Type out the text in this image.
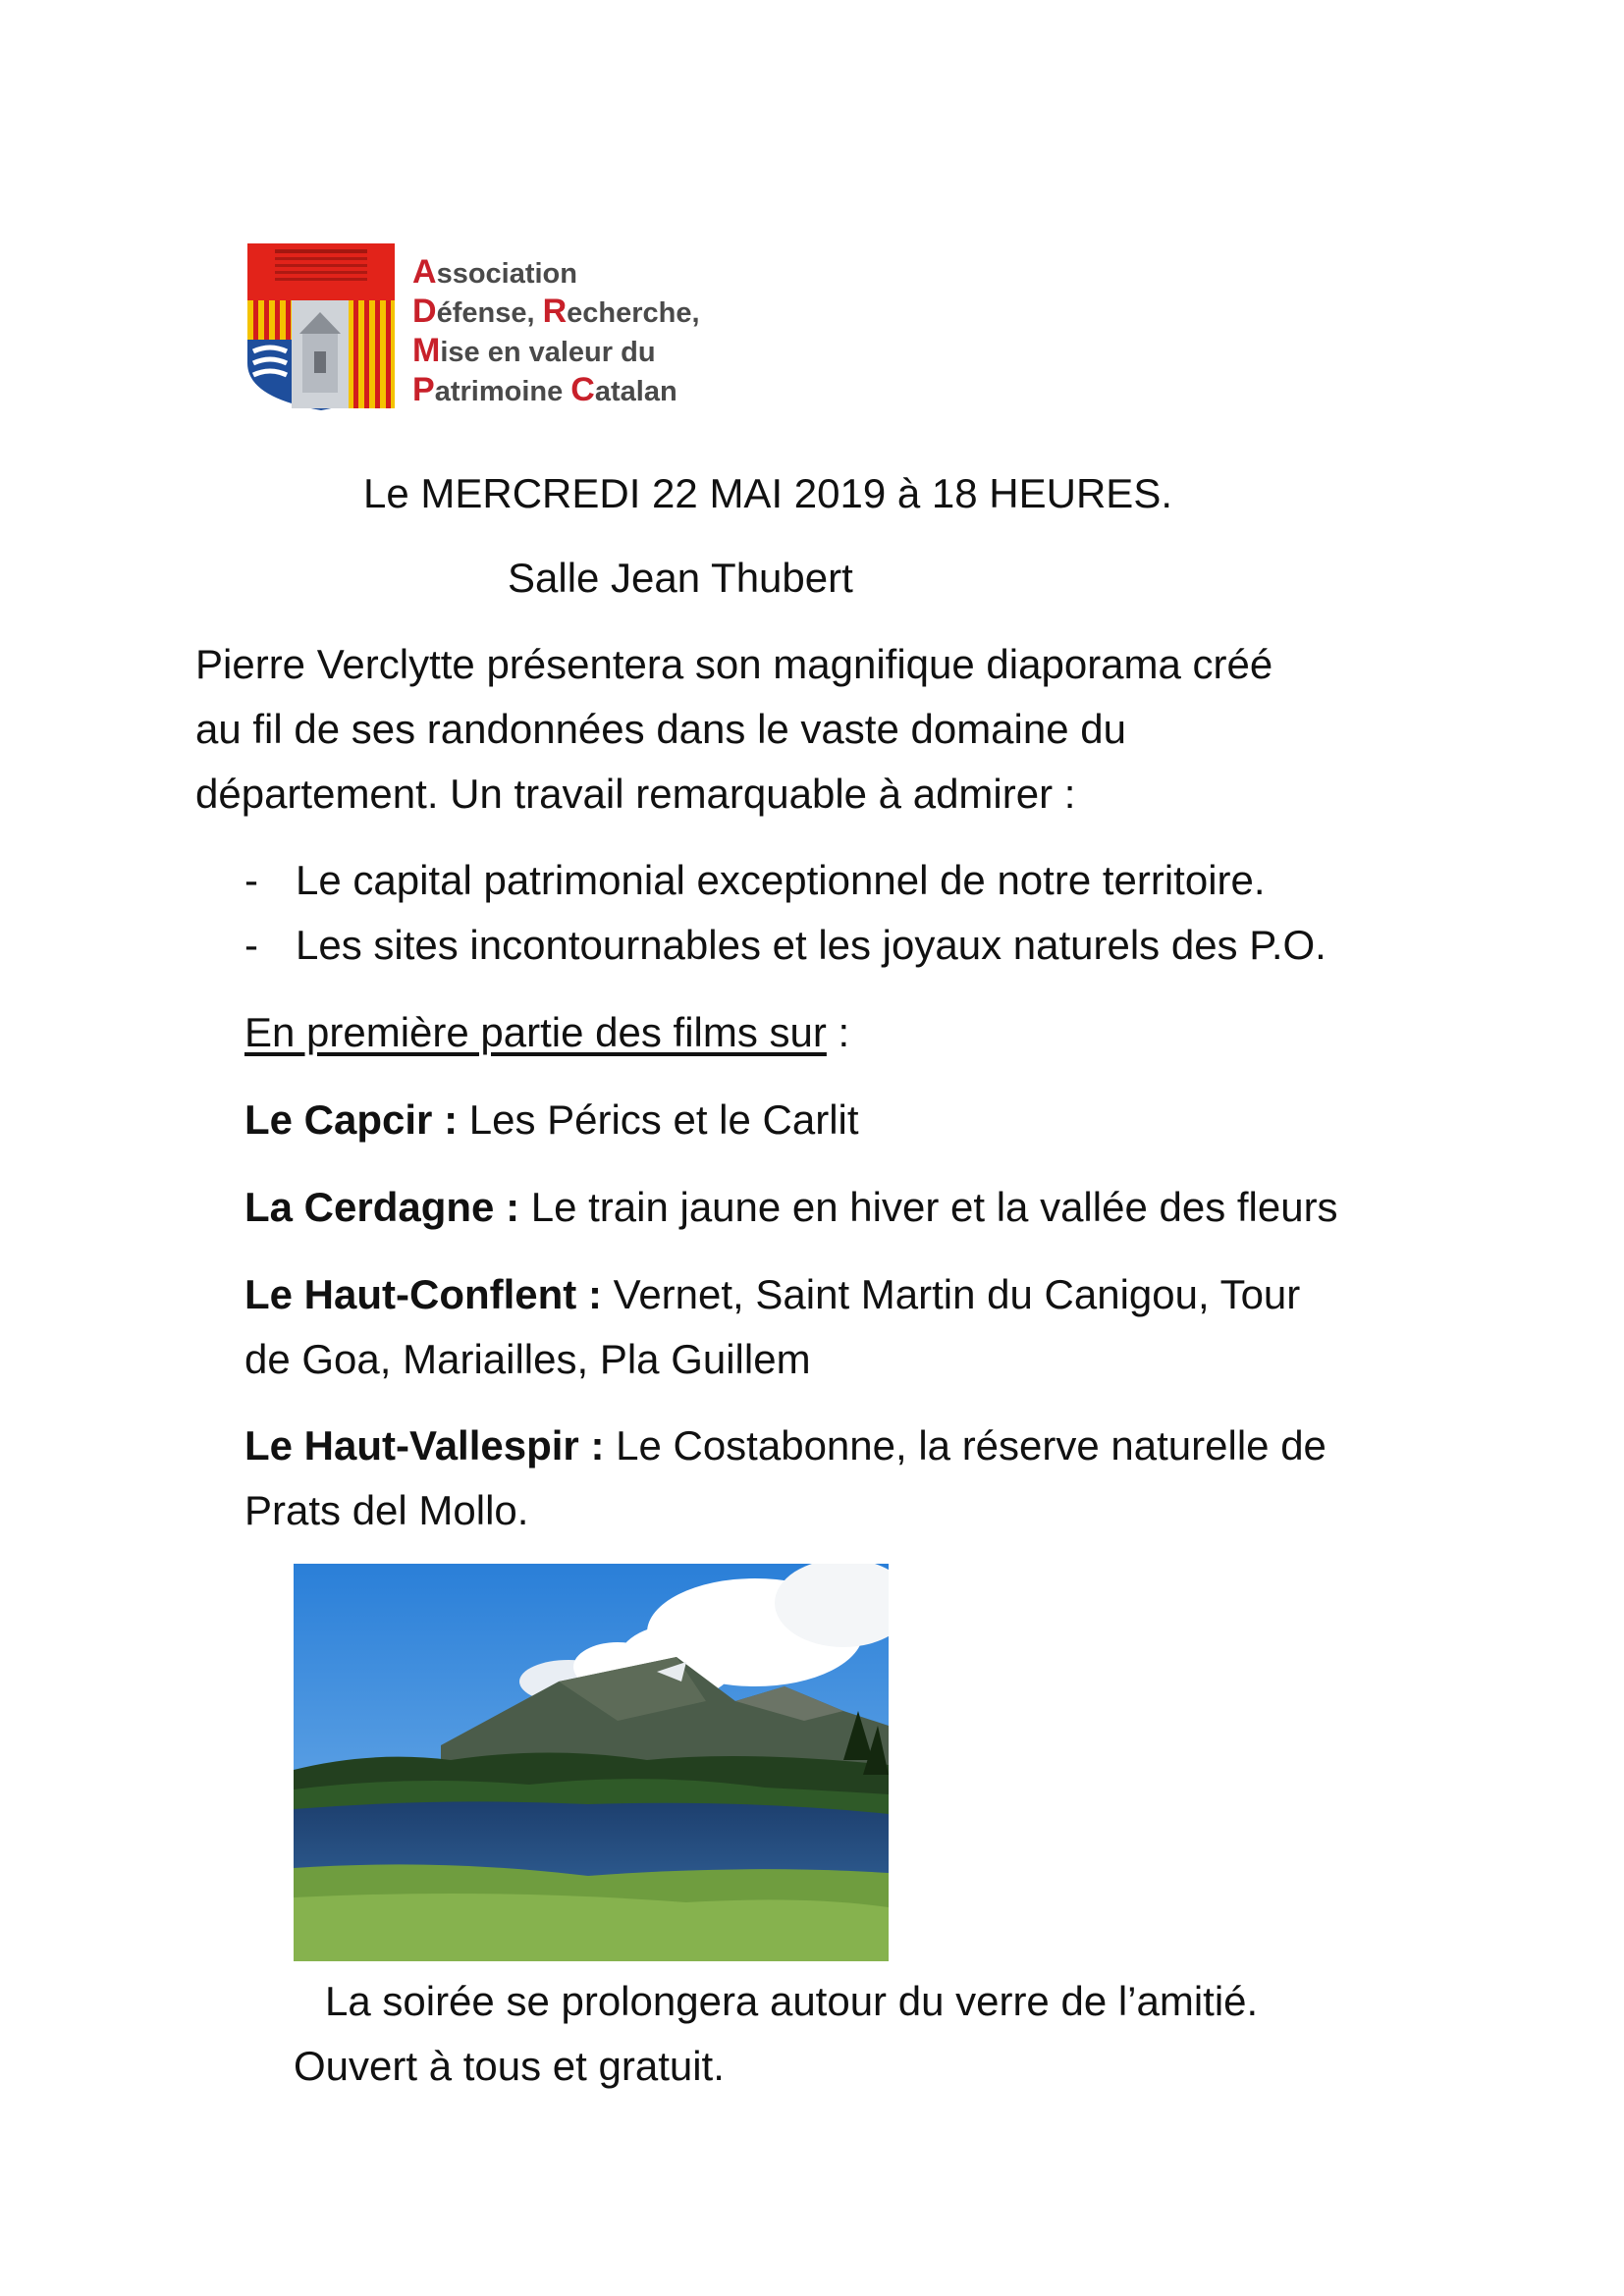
Association
Défense, Recherche,
Mise en valeur du
Patrimoine Catalan
Le MERCREDI 22 MAI 2019 à 18 HEURES.
Salle Jean Thubert
Pierre Verclytte présentera son magnifique diaporama créé
au fil de ses randonnées dans le vaste domaine du
département. Un travail remarquable à admirer :
- Le capital patrimonial exceptionnel de notre territoire.
- Les sites incontournables et les joyaux naturels des P.O.
En première partie des films sur :
Le Capcir : Les Pérics et le Carlit
La Cerdagne : Le train jaune en hiver et la vallée des fleurs
Le Haut-Conflent : Vernet, Saint Martin du Canigou, Tour
de Goa, Mariailles, Pla Guillem
Le Haut-Vallespir : Le Costabonne, la réserve naturelle de
Prats del Mollo.
La soirée se prolongera autour du verre de l’amitié.
Ouvert à tous et gratuit.
